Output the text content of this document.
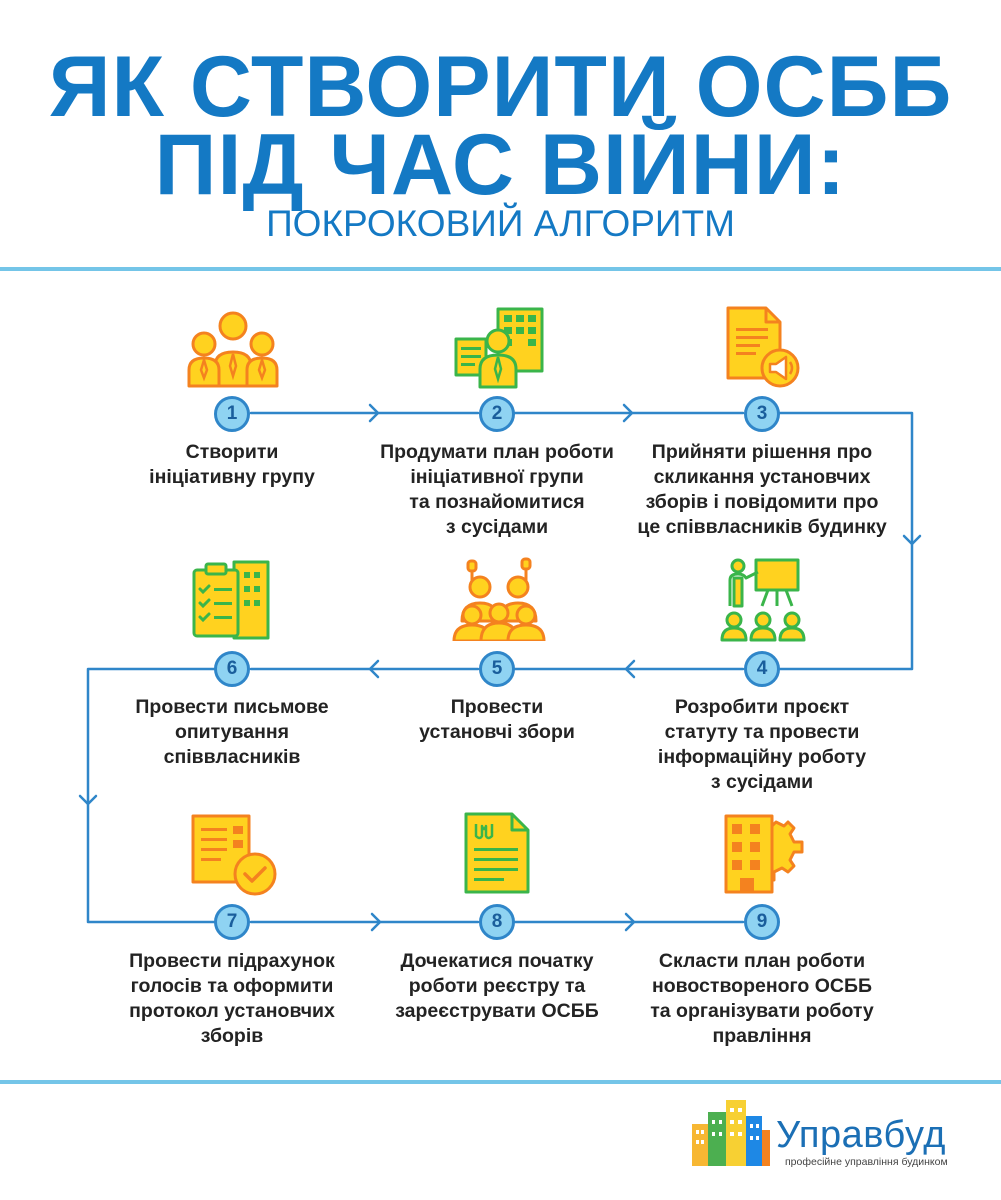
ЯК СТВОРИТИ ОСББ
ПІД ЧАС ВІЙНИ:
ПОКРОКОВИЙ АЛГОРИТМ
1
Створити
ініціативну групу
2
Продумати план роботи
ініціативної групи
та познайомитися
з сусідами
3
Прийняти рішення про
скликання установчих
зборів і повідомити про
це співвласників будинку
4
Розробити проєкт
статуту та провести
інформаційну роботу
з сусідами
5
Провести
установчі збори
6
Провести письмове
опитування
співвласників
7
Провести підрахунок
голосів та оформити
протокол установчих
зборів
8
Дочекатися початку
роботи реєстру та
зареєструвати ОСББ
9
Скласти план роботи
новоствореного ОСББ
та організувати роботу
правління
Управбуд
професійне управління будинком
